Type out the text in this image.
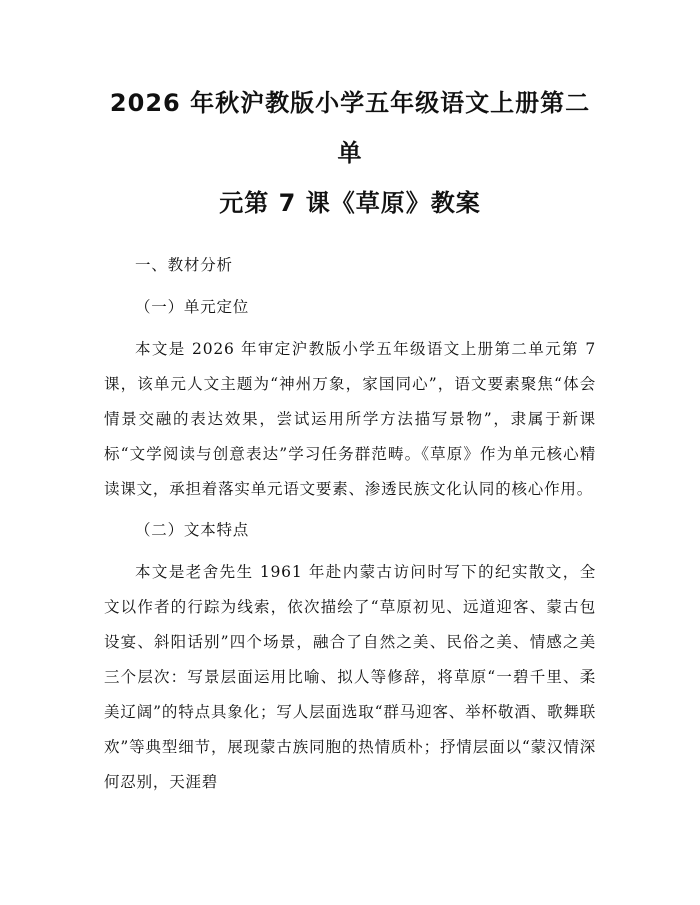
2026 年秋沪教版小学五年级语文上册第二单
元第 7 课《草原》教案

一、教材分析

（一）单元定位

本文是 2026 年审定沪教版小学五年级语文上册第二单元第 7 课，该单元人文主题为“神州万象，家国同心”，语文要素聚焦“体会情景交融的表达效果，尝试运用所学方法描写景物”，隶属于新课标“文学阅读与创意表达”学习任务群范畴。《草原》作为单元核心精读课文，承担着落实单元语文要素、渗透民族文化认同的核心作用。

（二）文本特点

本文是老舍先生 1961 年赴内蒙古访问时写下的纪实散文，全文以作者的行踪为线索，依次描绘了“草原初见、远道迎客、蒙古包设宴、斜阳话别”四个场景，融合了自然之美、民俗之美、情感之美三个层次：写景层面运用比喻、拟人等修辞，将草原“一碧千里、柔美辽阔”的特点具象化；写人层面选取“群马迎客、举杯敬酒、歌舞联欢”等典型细节，展现蒙古族同胞的热情质朴；抒情层面以“蒙汉情深何忍别，天涯碧
